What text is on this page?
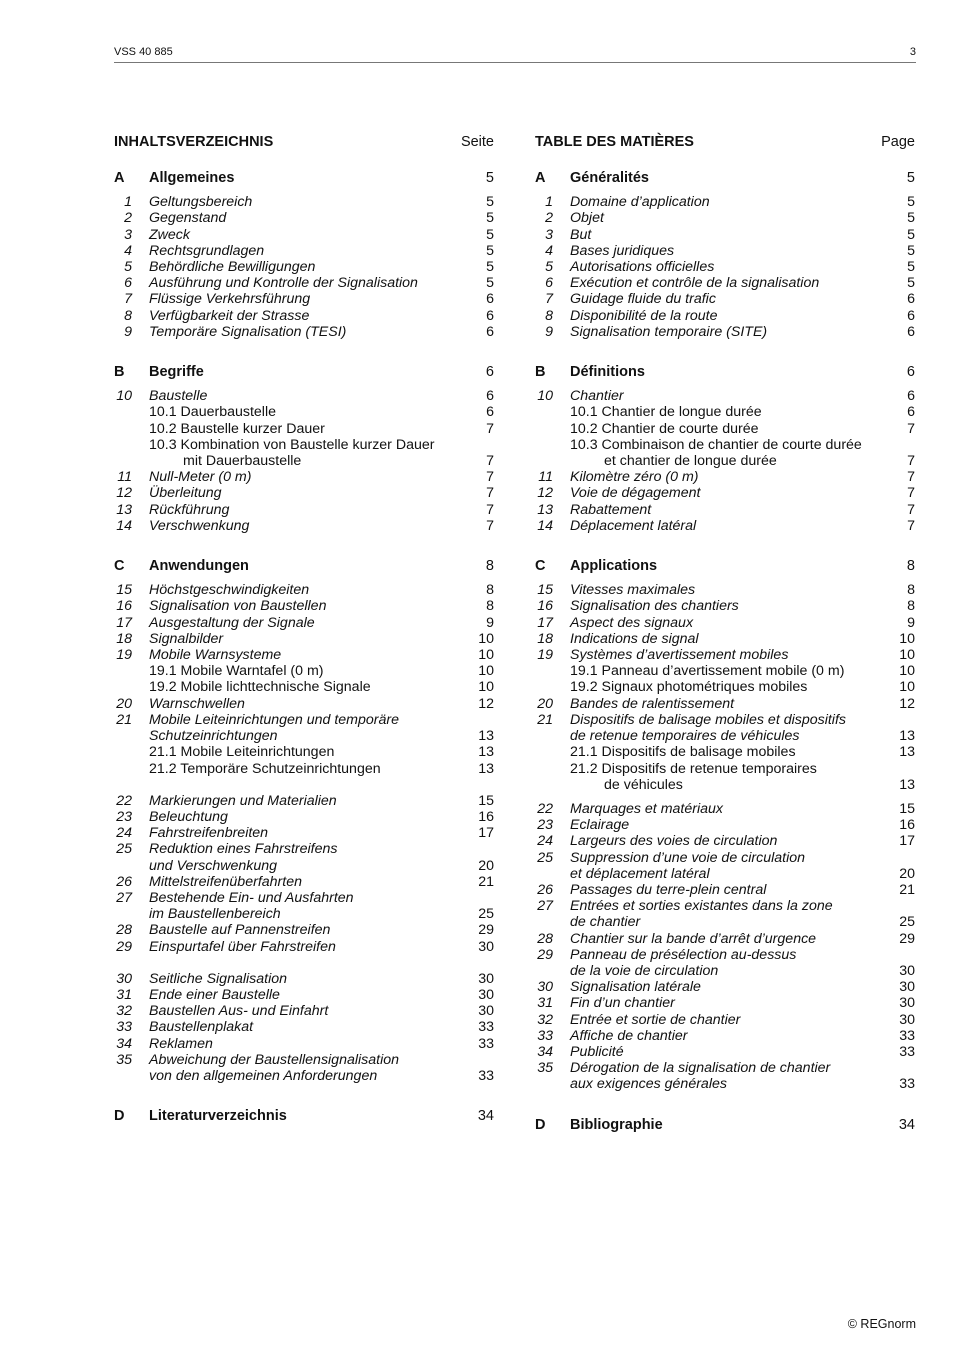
VSS 40 885	3
INHALTSVERZEICHNIS	Seite
A	Allgemeines	5
1 Geltungsbereich	5
2 Gegenstand	5
3 Zweck	5
4 Rechtsgrundlagen	5
5 Behördliche Bewilligungen	5
6 Ausführung und Kontrolle der Signalisation	5
7 Flüssige Verkehrsführung	6
8 Verfügbarkeit der Strasse	6
9 Temporäre Signalisation (TESI)	6
B	Begriffe	6
10 Baustelle	6
10.1 Dauerbaustelle	6
10.2 Baustelle kurzer Dauer	7
10.3 Kombination von Baustelle kurzer Dauer
mit Dauerbaustelle	7
11 Null-Meter (0 m)	7
12 Überleitung	7
13 Rückführung	7
14 Verschwenkung	7
C	Anwendungen	8
15 Höchstgeschwindigkeiten	8
16 Signalisation von Baustellen	8
17 Ausgestaltung der Signale	9
18 Signalbilder	10
19 Mobile Warnsysteme	10
19.1 Mobile Warntafel (0 m)	10
19.2 Mobile lichttechnische Signale	10
20 Warnschwellen	12
21 Mobile Leiteinrichtungen und temporäre
Schutzeinrichtungen	13
21.1 Mobile Leiteinrichtungen	13
21.2 Temporäre Schutzeinrichtungen	13
22 Markierungen und Materialien	15
23 Beleuchtung	16
24 Fahrstreifenbreiten	17
25 Reduktion eines Fahrstreifens
und Verschwenkung	20
26 Mittelstreifenüberfahrten	21
27 Bestehende Ein- und Ausfahrten
im Baustellenbereich	25
28 Baustelle auf Pannenstreifen	29
29 Einspurtafel über Fahrstreifen	30
30 Seitliche Signalisation	30
31 Ende einer Baustelle	30
32 Baustellen Aus- und Einfahrt	30
33 Baustellenplakat	33
34 Reklamen	33
35 Abweichung der Baustellensignalisation
von den allgemeinen Anforderungen	33
D	Literaturverzeichnis	34
TABLE DES MATIÈRES	Page
A	Généralités	5
1 Domaine d’application	5
2 Objet	5
3 But	5
4 Bases juridiques	5
5 Autorisations officielles	5
6 Exécution et contrôle de la signalisation	5
7 Guidage fluide du trafic	6
8 Disponibilité de la route	6
9 Signalisation temporaire (SITE)	6
B	Définitions	6
10 Chantier	6
10.1 Chantier de longue durée	6
10.2 Chantier de courte durée	7
10.3 Combinaison de chantier de courte durée
et chantier de longue durée	7
11 Kilomètre zéro (0 m)	7
12 Voie de dégagement	7
13 Rabattement	7
14 Déplacement latéral	7
C	Applications	8
15 Vitesses maximales	8
16 Signalisation des chantiers	8
17 Aspect des signaux	9
18 Indications de signal	10
19 Systèmes d’avertissement mobiles	10
19.1 Panneau d’avertissement mobile (0 m)	10
19.2 Signaux photométriques mobiles	10
20 Bandes de ralentissement	12
21 Dispositifs de balisage mobiles et dispositifs
de retenue temporaires de véhicules	13
21.1 Dispositifs de balisage mobiles	13
21.2 Dispositifs de retenue temporaires
de véhicules	13
22 Marquages et matériaux	15
23 Eclairage	16
24 Largeurs des voies de circulation	17
25 Suppression d’une voie de circulation
et déplacement latéral	20
26 Passages du terre-plein central	21
27 Entrées et sorties existantes dans la zone
de chantier	25
28 Chantier sur la bande d’arrêt d’urgence	29
29 Panneau de présélection au-dessus
de la voie de circulation	30
30 Signalisation latérale	30
31 Fin d’un chantier	30
32 Entrée et sortie de chantier	30
33 Affiche de chantier	33
34 Publicité	33
35 Dérogation de la signalisation de chantier
aux exigences générales	33
D	Bibliographie	34
© REGnorm
